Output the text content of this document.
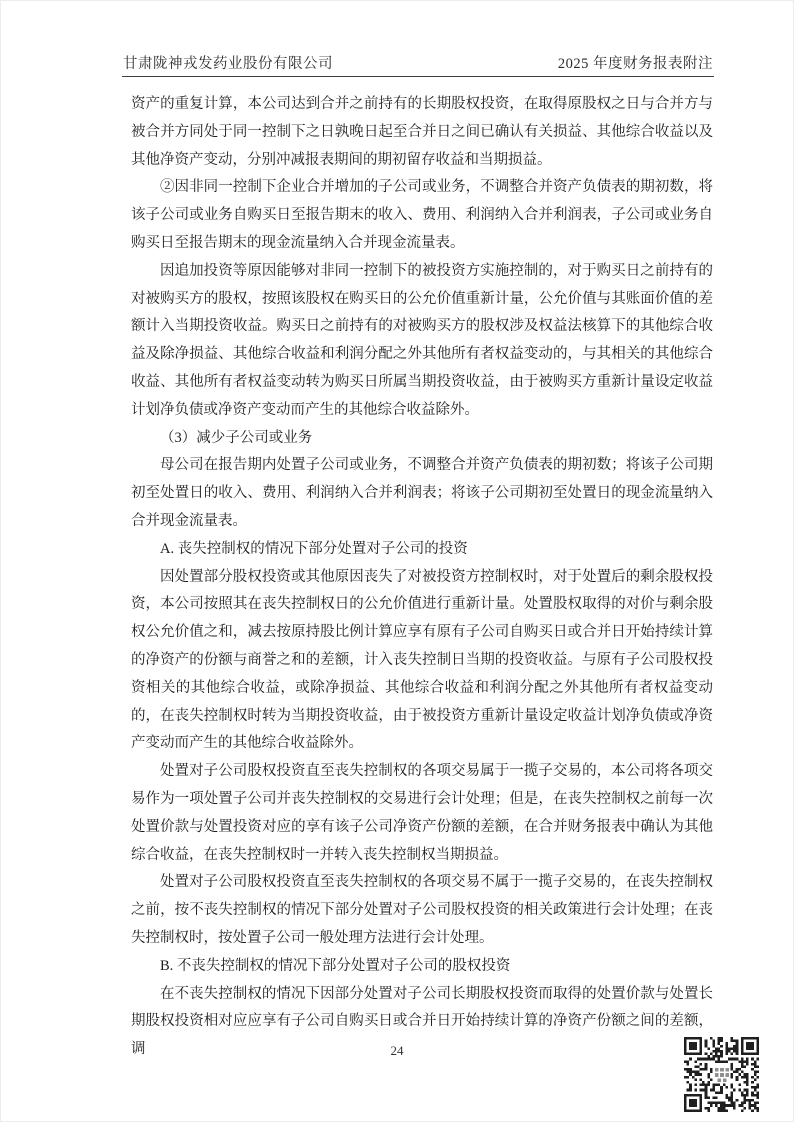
甘肃陇神戎发药业股份有限公司	2025 年度财务报表附注

资产的重复计算，本公司达到合并之前持有的长期股权投资，在取得原股权之日与合并方与被合并方同处于同一控制下之日孰晚日起至合并日之间已确认有关损益、其他综合收益以及其他净资产变动，分别冲减报表期间的期初留存收益和当期损益。

②因非同一控制下企业合并增加的子公司或业务，不调整合并资产负债表的期初数，将该子公司或业务自购买日至报告期末的收入、费用、利润纳入合并利润表，子公司或业务自购买日至报告期末的现金流量纳入合并现金流量表。

因追加投资等原因能够对非同一控制下的被投资方实施控制的，对于购买日之前持有的对被购买方的股权，按照该股权在购买日的公允价值重新计量，公允价值与其账面价值的差额计入当期投资收益。购买日之前持有的对被购买方的股权涉及权益法核算下的其他综合收益及除净损益、其他综合收益和利润分配之外其他所有者权益变动的，与其相关的其他综合收益、其他所有者权益变动转为购买日所属当期投资收益，由于被购买方重新计量设定收益计划净负债或净资产变动而产生的其他综合收益除外。

（3）减少子公司或业务

母公司在报告期内处置子公司或业务，不调整合并资产负债表的期初数；将该子公司期初至处置日的收入、费用、利润纳入合并利润表；将该子公司期初至处置日的现金流量纳入合并现金流量表。

A. 丧失控制权的情况下部分处置对子公司的投资

因处置部分股权投资或其他原因丧失了对被投资方控制权时，对于处置后的剩余股权投资，本公司按照其在丧失控制权日的公允价值进行重新计量。处置股权取得的对价与剩余股权公允价值之和，减去按原持股比例计算应享有原有子公司自购买日或合并日开始持续计算的净资产的份额与商誉之和的差额，计入丧失控制日当期的投资收益。与原有子公司股权投资相关的其他综合收益，或除净损益、其他综合收益和利润分配之外其他所有者权益变动的，在丧失控制权时转为当期投资收益，由于被投资方重新计量设定收益计划净负债或净资产变动而产生的其他综合收益除外。

处置对子公司股权投资直至丧失控制权的各项交易属于一揽子交易的，本公司将各项交易作为一项处置子公司并丧失控制权的交易进行会计处理；但是，在丧失控制权之前每一次处置价款与处置投资对应的享有该子公司净资产份额的差额，在合并财务报表中确认为其他综合收益，在丧失控制权时一并转入丧失控制权当期损益。

处置对子公司股权投资直至丧失控制权的各项交易不属于一揽子交易的，在丧失控制权之前，按不丧失控制权的情况下部分处置对子公司股权投资的相关政策进行会计处理；在丧失控制权时，按处置子公司一般处理方法进行会计处理。

B. 不丧失控制权的情况下部分处置对子公司的股权投资

在不丧失控制权的情况下因部分处置对子公司长期股权投资而取得的处置价款与处置长期股权投资相对应应享有子公司自购买日或合并日开始持续计算的净资产份额之间的差额，调	24
